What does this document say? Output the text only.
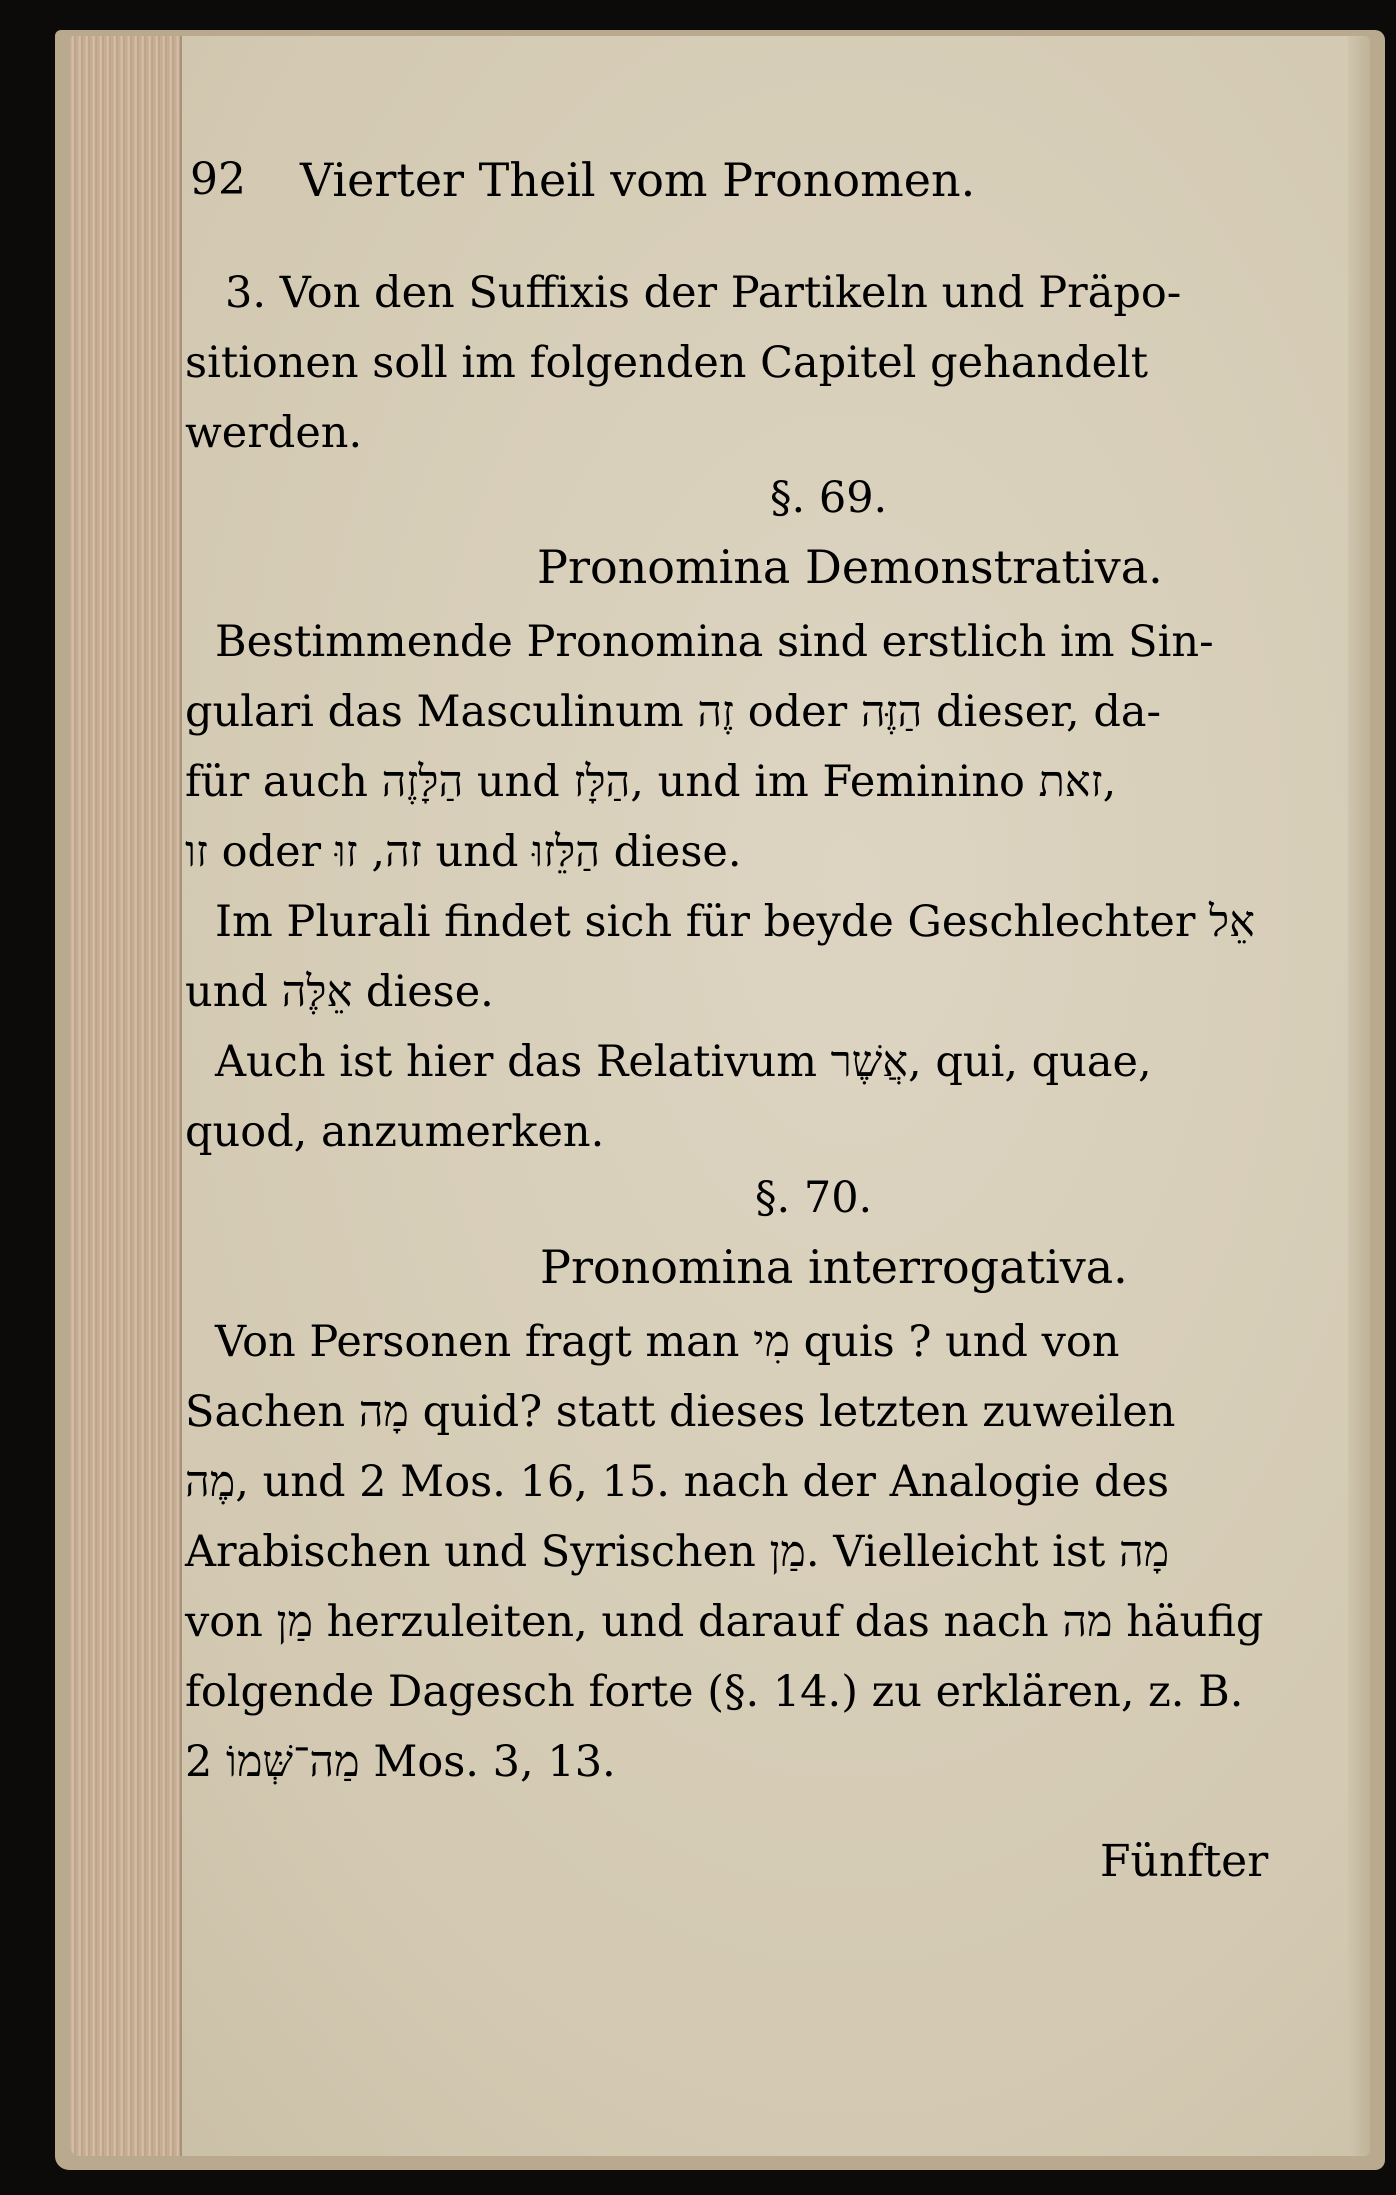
92 Vierter Theil vom Pronomen.
3. Von den Suffixis der Partikeln und Präpo-
sitionen soll im folgenden Capitel gehandelt
werden.
§. 69.
Pronomina Demonstrativa.
Bestimmende Pronomina sind erstlich im Sin-
gulari das Masculinum זֶה oder הַזֶּה dieser, da-
für auch הַלָּזֶה und הַלָּז, und im Feminino זאת,
זו oder זה, זוּ und הַלֵּזוּ diese.
Im Plurali findet sich für beyde Geschlechter אֵל
und אֵלֶּה diese.
Auch ist hier das Relativum אֲשֶׁר, qui, quae,
quod, anzumerken.
§. 70.
Pronomina interrogativa.
Von Personen fragt man מִי quis ? und von
Sachen מָה quid? statt dieses letzten zuweilen
מֶה, und 2 Mos. 16, 15. nach der Analogie des
Arabischen und Syrischen מַן. Vielleicht ist מָה
von מַן herzuleiten, und darauf das nach מה häufig
folgende Dagesch forte (§. 14.) zu erklären, z. B.
מַה־שְּׁמוֹ 2 Mos. 3, 13.
Fünfter
